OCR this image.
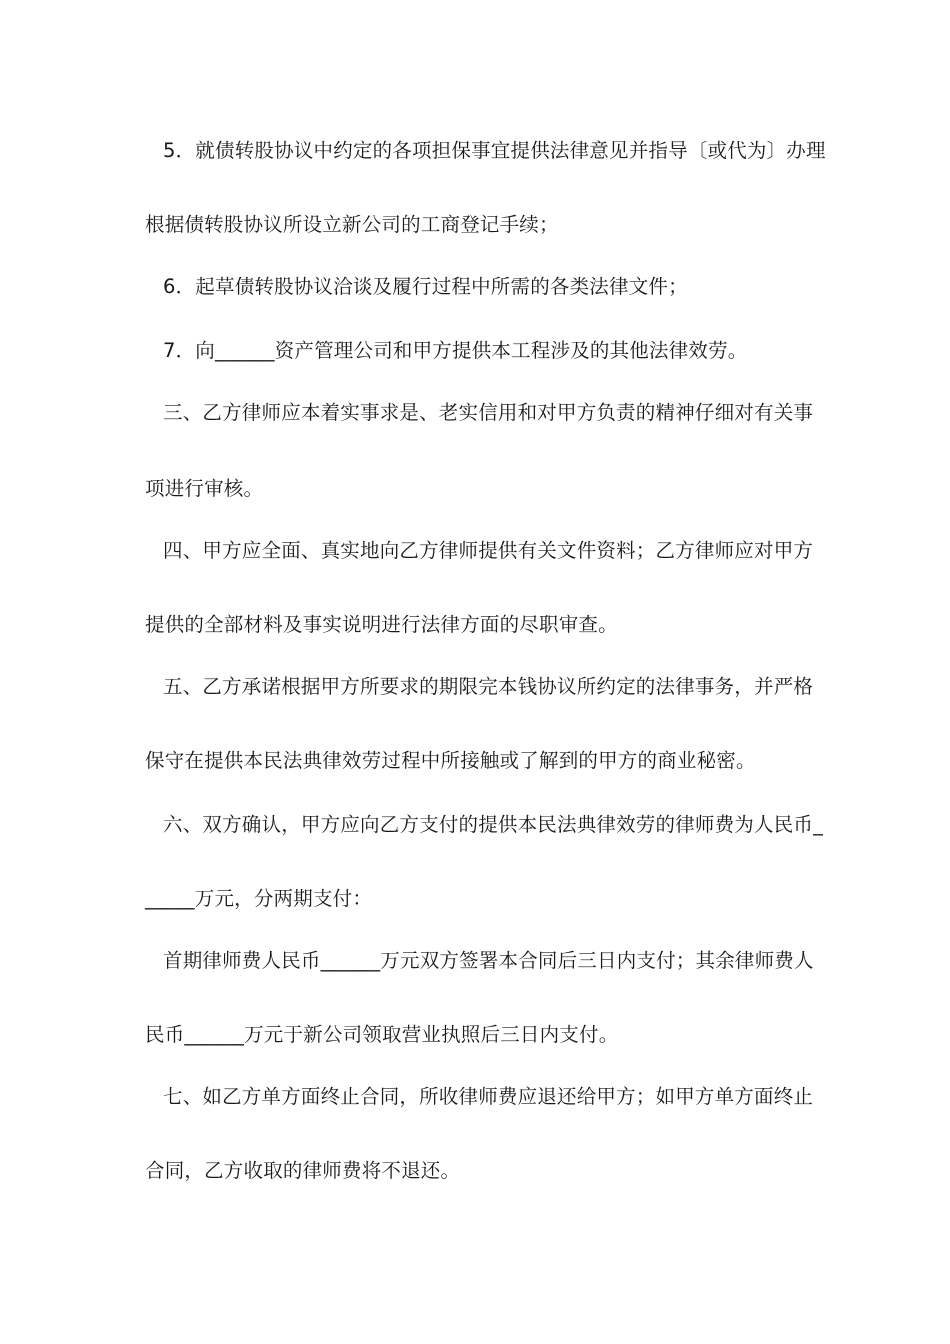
5．就债转股协议中约定的各项担保事宜提供法律意见并指导〔或代为〕办理
根据债转股协议所设立新公司的工商登记手续；
6．起草债转股协议洽谈及履行过程中所需的各类法律文件；
7．向______资产管理公司和甲方提供本工程涉及的其他法律效劳。
三、乙方律师应本着实事求是、老实信用和对甲方负责的精神仔细对有关事
项进行审核。
四、甲方应全面、真实地向乙方律师提供有关文件资料；乙方律师应对甲方
提供的全部材料及事实说明进行法律方面的尽职审查。
五、乙方承诺根据甲方所要求的期限完本钱协议所约定的法律事务，并严格
保守在提供本民法典律效劳过程中所接触或了解到的甲方的商业秘密。
六、双方确认，甲方应向乙方支付的提供本民法典律效劳的律师费为人民币_
_____万元，分两期支付：
首期律师费人民币______万元双方签署本合同后三日内支付；其余律师费人
民币______万元于新公司领取营业执照后三日内支付。
七、如乙方单方面终止合同，所收律师费应退还给甲方；如甲方单方面终止
合同，乙方收取的律师费将不退还。
